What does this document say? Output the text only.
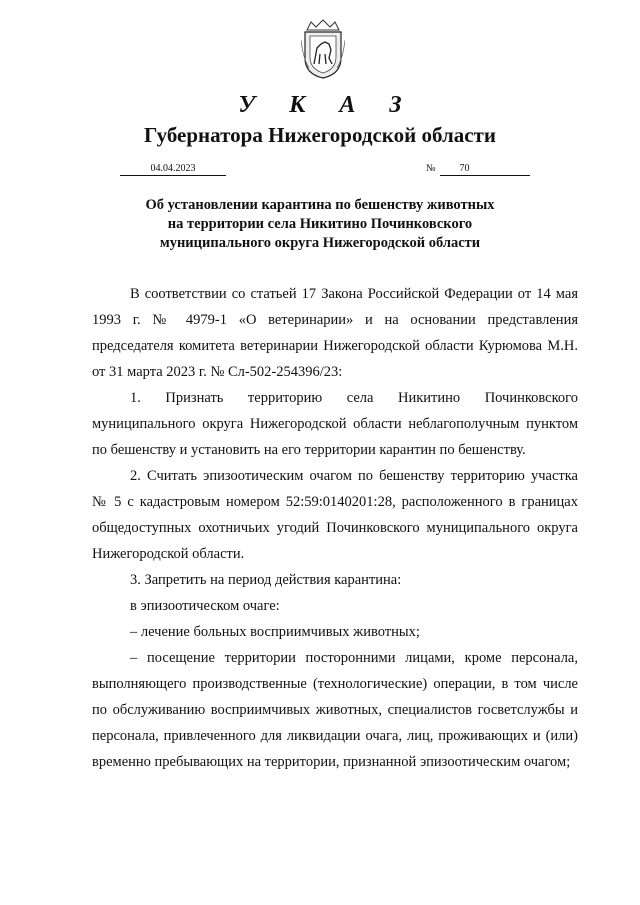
У К А З
Губернатора Нижегородской области
04.04.2023	№ 70
Об установлении карантина по бешенству животных
на территории села Никитино Починковского
муниципального округа Нижегородской области

В соответствии со статьей 17 Закона Российской Федерации от 14 мая 1993 г. № 4979-1 «О ветеринарии» и на основании представления председателя комитета ветеринарии Нижегородской области Курюмова М.Н. от 31 марта 2023 г. № Сл-502-254396/23:

1. Признать территорию села Никитино Починковского муниципального округа Нижегородской области неблагополучным пунктом по бешенству и установить на его территории карантин по бешенству.

2. Считать эпизоотическим очагом по бешенству территорию участка № 5 с кадастровым номером 52:59:0140201:28, расположенного в границах общедоступных охотничьих угодий Починковского муниципального округа Нижегородской области.

3. Запретить на период действия карантина:

в эпизоотическом очаге:

– лечение больных восприимчивых животных;

– посещение территории посторонними лицами, кроме персонала, выполняющего производственные (технологические) операции, в том числе по обслуживанию восприимчивых животных, специалистов госветслужбы и персонала, привлеченного для ликвидации очага, лиц, проживающих и (или) временно пребывающих на территории, признанной эпизоотическим очагом;
